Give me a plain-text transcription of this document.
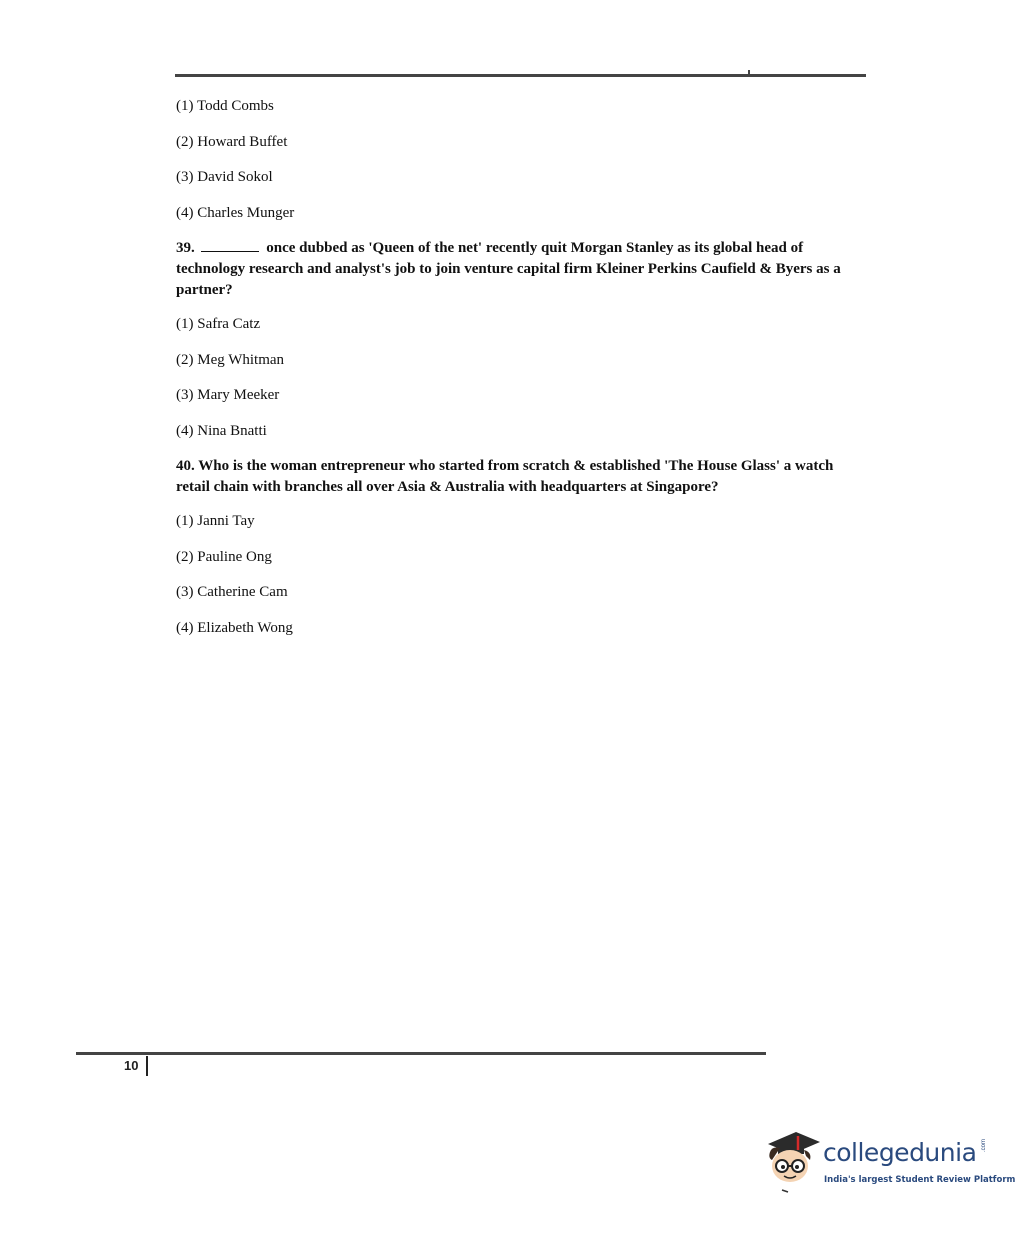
(1) Todd Combs
(2) Howard Buffet
(3) David Sokol
(4) Charles Munger
39.	once dubbed as 'Queen of the net' recently quit Morgan Stanley as its global head of technology research and analyst's job to join venture capital firm Kleiner Perkins Caufield & Byers as a partner?
(1) Safra Catz
(2) Meg Whitman
(3) Mary Meeker
(4) Nina Bnatti
40. Who is the woman entrepreneur who started from scratch & established 'The House Glass' a watch retail chain with branches all over Asia & Australia with headquarters at Singapore?
(1) Janni Tay
(2) Pauline Ong
(3) Catherine Cam
(4) Elizabeth Wong
10
collegedunia .com
India's largest Student Review Platform
